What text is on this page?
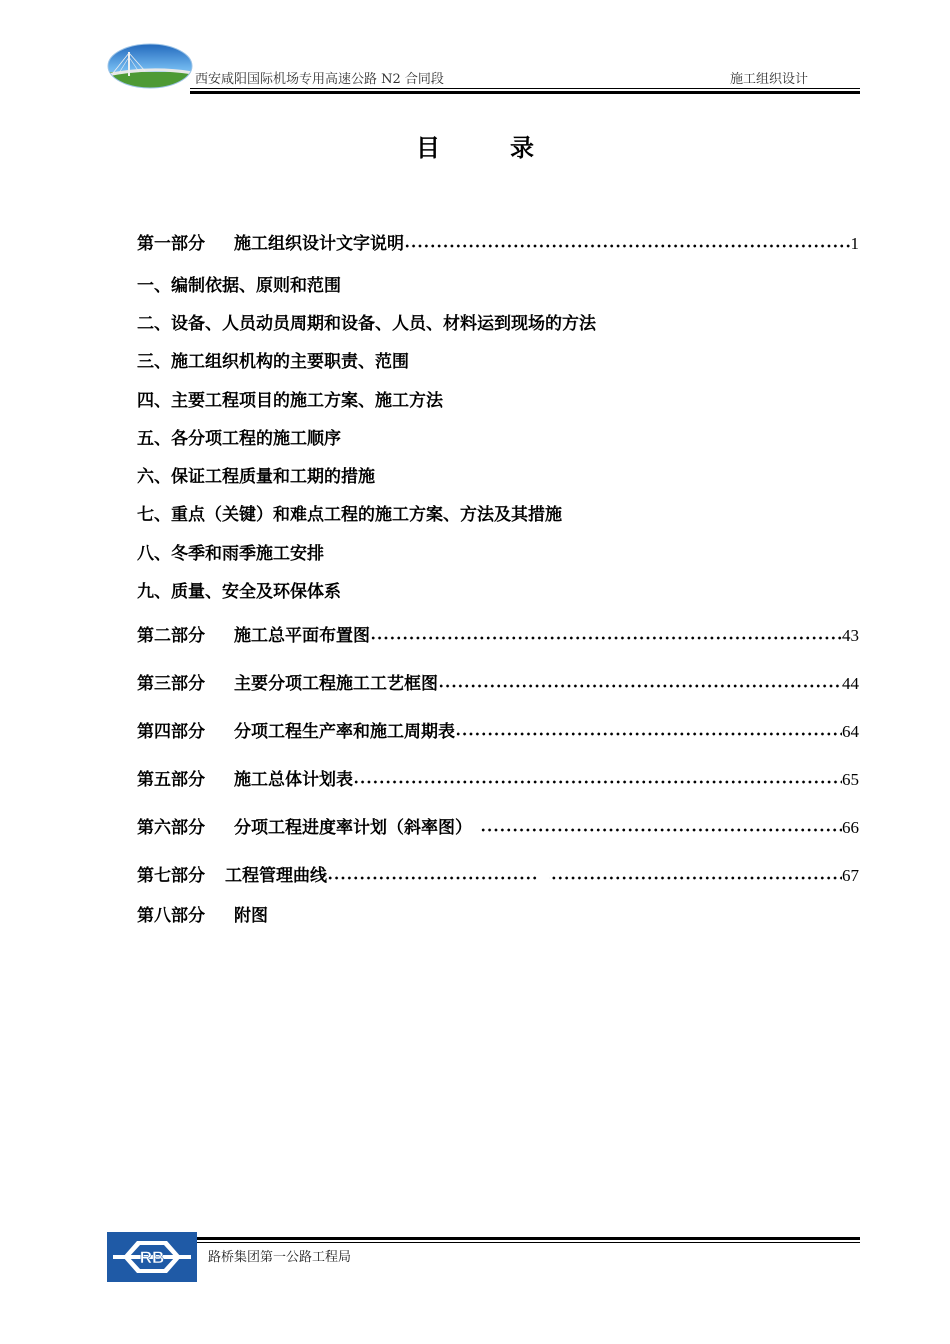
西安咸阳国际机场专用高速公路 N2 合同段	施工组织设计
目录
第一部分 施工组织设计文字说明	1
一、编制依据、原则和范围
二、设备、人员动员周期和设备、人员、材料运到现场的方法
三、施工组织机构的主要职责、范围
四、主要工程项目的施工方案、施工方法
五、各分项工程的施工顺序
六、保证工程质量和工期的措施
七、重点（关键）和难点工程的施工方案、方法及其措施
八、冬季和雨季施工安排
九、质量、安全及环保体系
第二部分 施工总平面布置图	43
第三部分 主要分项工程施工工艺框图	44
第四部分 分项工程生产率和施工周期表	64
第五部分 施工总体计划表	65
第六部分 分项工程进度率计划（斜率图）	66
第七部分 工程管理曲线	67
第八部分 附图
RB	路桥集团第一公路工程局
